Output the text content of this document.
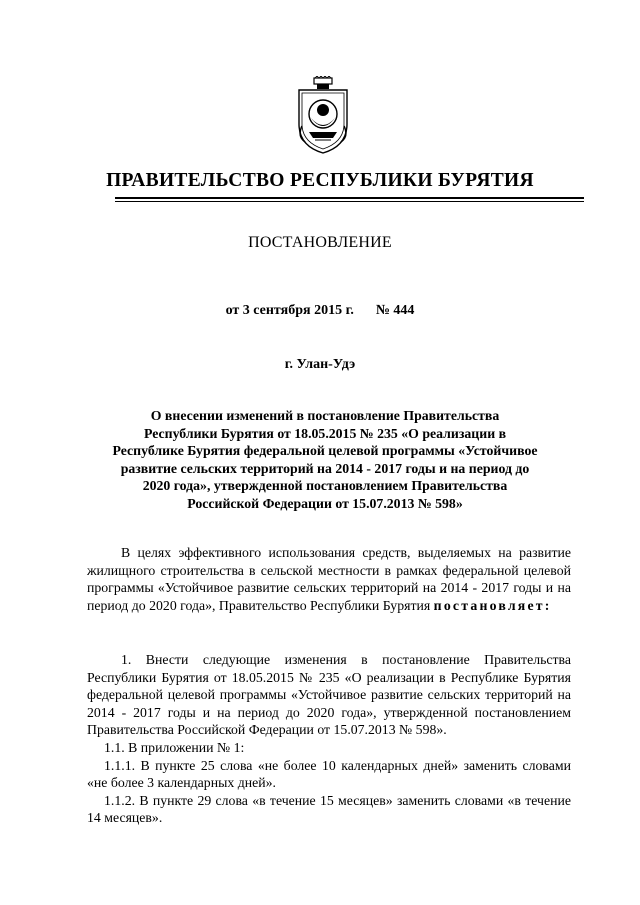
ПРАВИТЕЛЬСТВО РЕСПУБЛИКИ БУРЯТИЯ
ПОСТАНОВЛЕНИЕ
от 3 сентября 2015 г. № 444
г. Улан-Удэ
О внесении изменений в постановление Правительства
Республики Бурятия от 18.05.2015 № 235 «О реализации в
Республике Бурятия федеральной целевой программы «Устойчивое
развитие сельских территорий на 2014 - 2017 годы и на период до
2020 года», утвержденной постановлением Правительства
Российской Федерации от 15.07.2013 № 598»

В целях эффективного использования средств, выделяемых на развитие жилищного строительства в сельской местности в рамках федеральной целевой программы «Устойчивое развитие сельских территорий на 2014 - 2017 годы и на период до 2020 года», Правительство Республики Бурятия постановляет:

1. Внести следующие изменения в постановление Правительства Республики Бурятия от 18.05.2015 № 235 «О реализации в Республике Бурятия федеральной целевой программы «Устойчивое развитие сельских территорий на 2014 - 2017 годы и на период до 2020 года», утвержденной постановлением Правительства Российской Федерации от 15.07.2013 № 598».

1.1. В приложении № 1:

1.1.1. В пункте 25 слова «не более 10 календарных дней» заменить словами «не более 3 календарных дней».

1.1.2. В пункте 29 слова «в течение 15 месяцев» заменить словами «в течение 14 месяцев».
